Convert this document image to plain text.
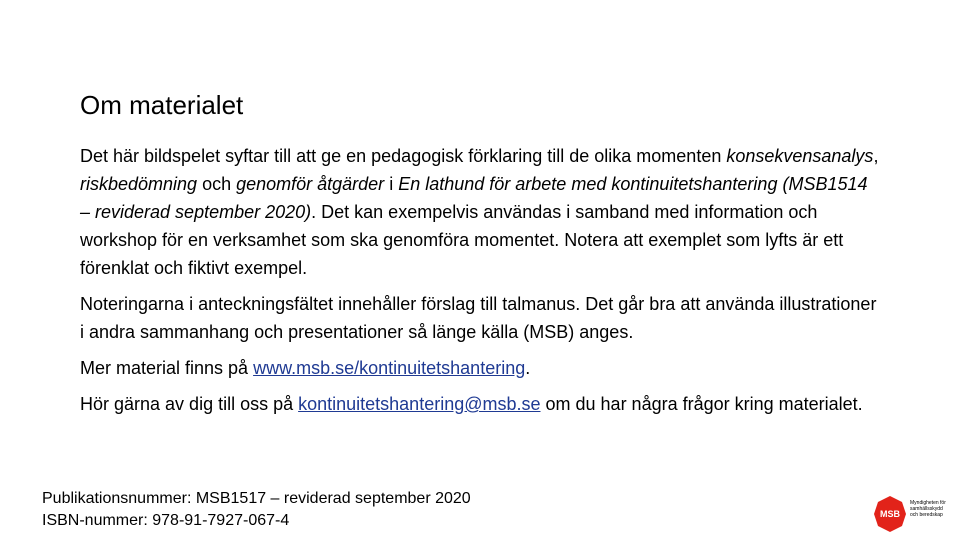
Om materialet

Det här bildspelet syftar till att ge en pedagogisk förklaring till de olika momenten konsekvensanalys, riskbedömning och genomför åtgärder i En lathund för arbete med kontinuitetshantering (MSB1514 – reviderad september 2020). Det kan exempelvis användas i samband med information och workshop för en verksamhet som ska genomföra momentet. Notera att exemplet som lyfts är ett förenklat och fiktivt exempel.

Noteringarna i anteckningsfältet innehåller förslag till talmanus. Det går bra att använda illustrationer i andra sammanhang och presentationer så länge källa (MSB) anges.

Mer material finns på www.msb.se/kontinuitetshantering.

Hör gärna av dig till oss på kontinuitetshantering@msb.se om du har några frågor kring materialet.

Publikationsnummer: MSB1517 – reviderad september 2020
ISBN-nummer: 978-91-7927-067-4	MSB
Myndigheten för
samhällsskydd
och beredskap
